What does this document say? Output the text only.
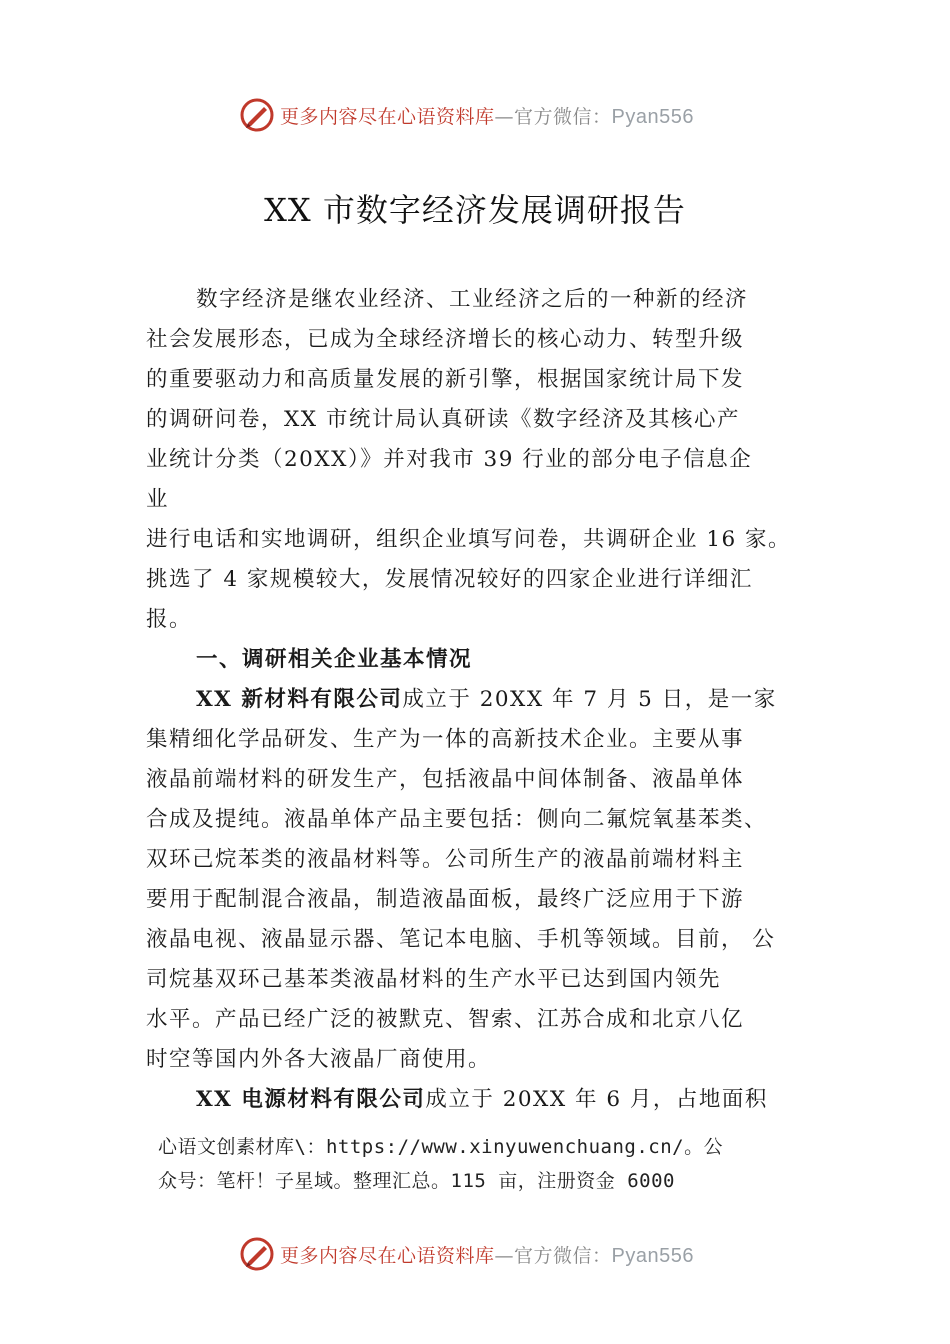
更多内容尽在心语资料库—官方微信：Pyan556
XX 市数字经济发展调研报告
数字经济是继农业经济、工业经济之后的一种新的经济
社会发展形态，已成为全球经济增长的核心动力、转型升级
的重要驱动力和高质量发展的新引擎，根据国家统计局下发
的调研问卷，XX 市统计局认真研读《数字经济及其核心产
业统计分类（20XX）》并对我市 39 行业的部分电子信息企
业
进行电话和实地调研，组织企业填写问卷，共调研企业 16 家。
挑选了 4 家规模较大，发展情况较好的四家企业进行详细汇
报。
一、调研相关企业基本情况
XX 新材料有限公司成立于 20XX 年 7 月 5 日，是一家
集精细化学品研发、生产为一体的高新技术企业。主要从事
液晶前端材料的研发生产，包括液晶中间体制备、液晶单体
合成及提纯。液晶单体产品主要包括：侧向二氟烷氧基苯类、
双环己烷苯类的液晶材料等。公司所生产的液晶前端材料主
要用于配制混合液晶，制造液晶面板，最终广泛应用于下游
液晶电视、液晶显示器、笔记本电脑、手机等领域。目前， 公
司烷基双环己基苯类液晶材料的生产水平已达到国内领先
水平。产品已经广泛的被默克、智索、江苏合成和北京八亿
时空等国内外各大液晶厂商使用。
XX 电源材料有限公司成立于 20XX 年 6 月，占地面积
心语文创素材库\：https://www.xinyuwenchuang.cn/。公
众号：笔杆！子星域。整理汇总。115 亩，注册资金 6000
更多内容尽在心语资料库—官方微信：Pyan556
